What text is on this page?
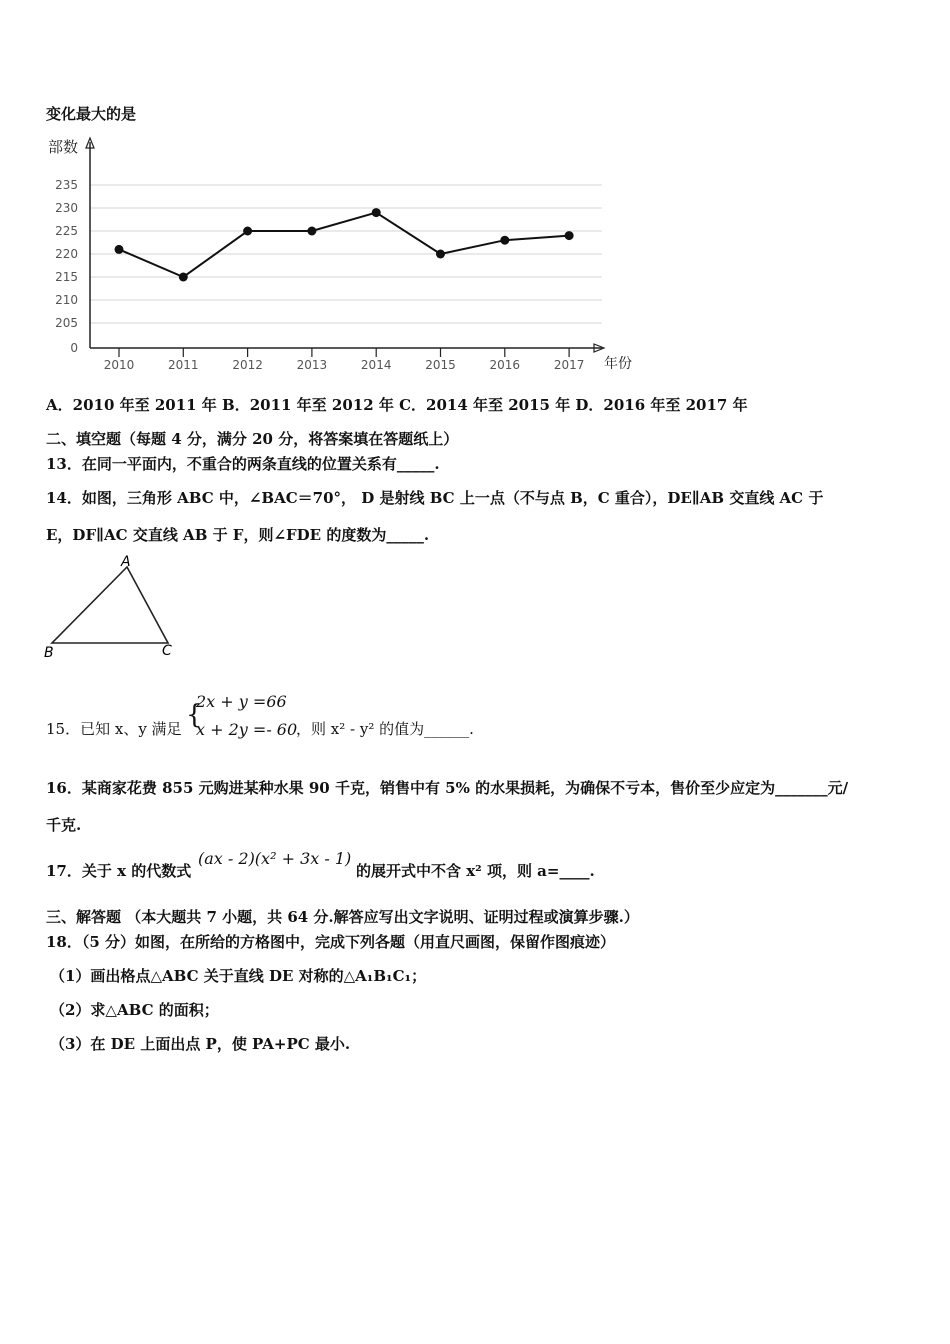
变化最大的是
部数
年份
235
230
225
220
215
210
205
0
2010	2011	2012	2013	2014	2015	2016	2017
A．2010 年至 2011 年 B．2011 年至 2012 年 C．2014 年至 2015 年 D．2016 年至 2017 年
二、填空题（每题 4 分，满分 20 分，将答案填在答题纸上）
13．在同一平面内，不重合的两条直线的位置关系有_____.
14．如图，三角形 ABC 中，∠BAC＝70°， D 是射线 BC 上一点（不与点 B，C 重合），DE∥AB 交直线 AC 于
E，DF∥AC 交直线 AB 于 F，则∠FDE 的度数为_____.
A
B	C
15．已知 x、y 满足 {
2x + y =66
x + 2y =- 60
，则 x² - y² 的值为______.
16．某商家花费 855 元购进某种水果 90 千克，销售中有 5% 的水果损耗，为确保不亏本，售价至少应定为_______元/
千克.
17．关于 x 的代数式
(ax - 2)(x² + 3x - 1)
的展开式中不含 x² 项，则 a=____.
三、解答题 （本大题共 7 小题，共 64 分.解答应写出文字说明、证明过程或演算步骤.）
18．（5 分）如图，在所给的方格图中，完成下列各题（用直尺画图，保留作图痕迹）
（1）画出格点△ABC 关于直线 DE 对称的△A₁B₁C₁；
（2）求△ABC 的面积；
（3）在 DE 上面出点 P，使 PA+PC 最小.
